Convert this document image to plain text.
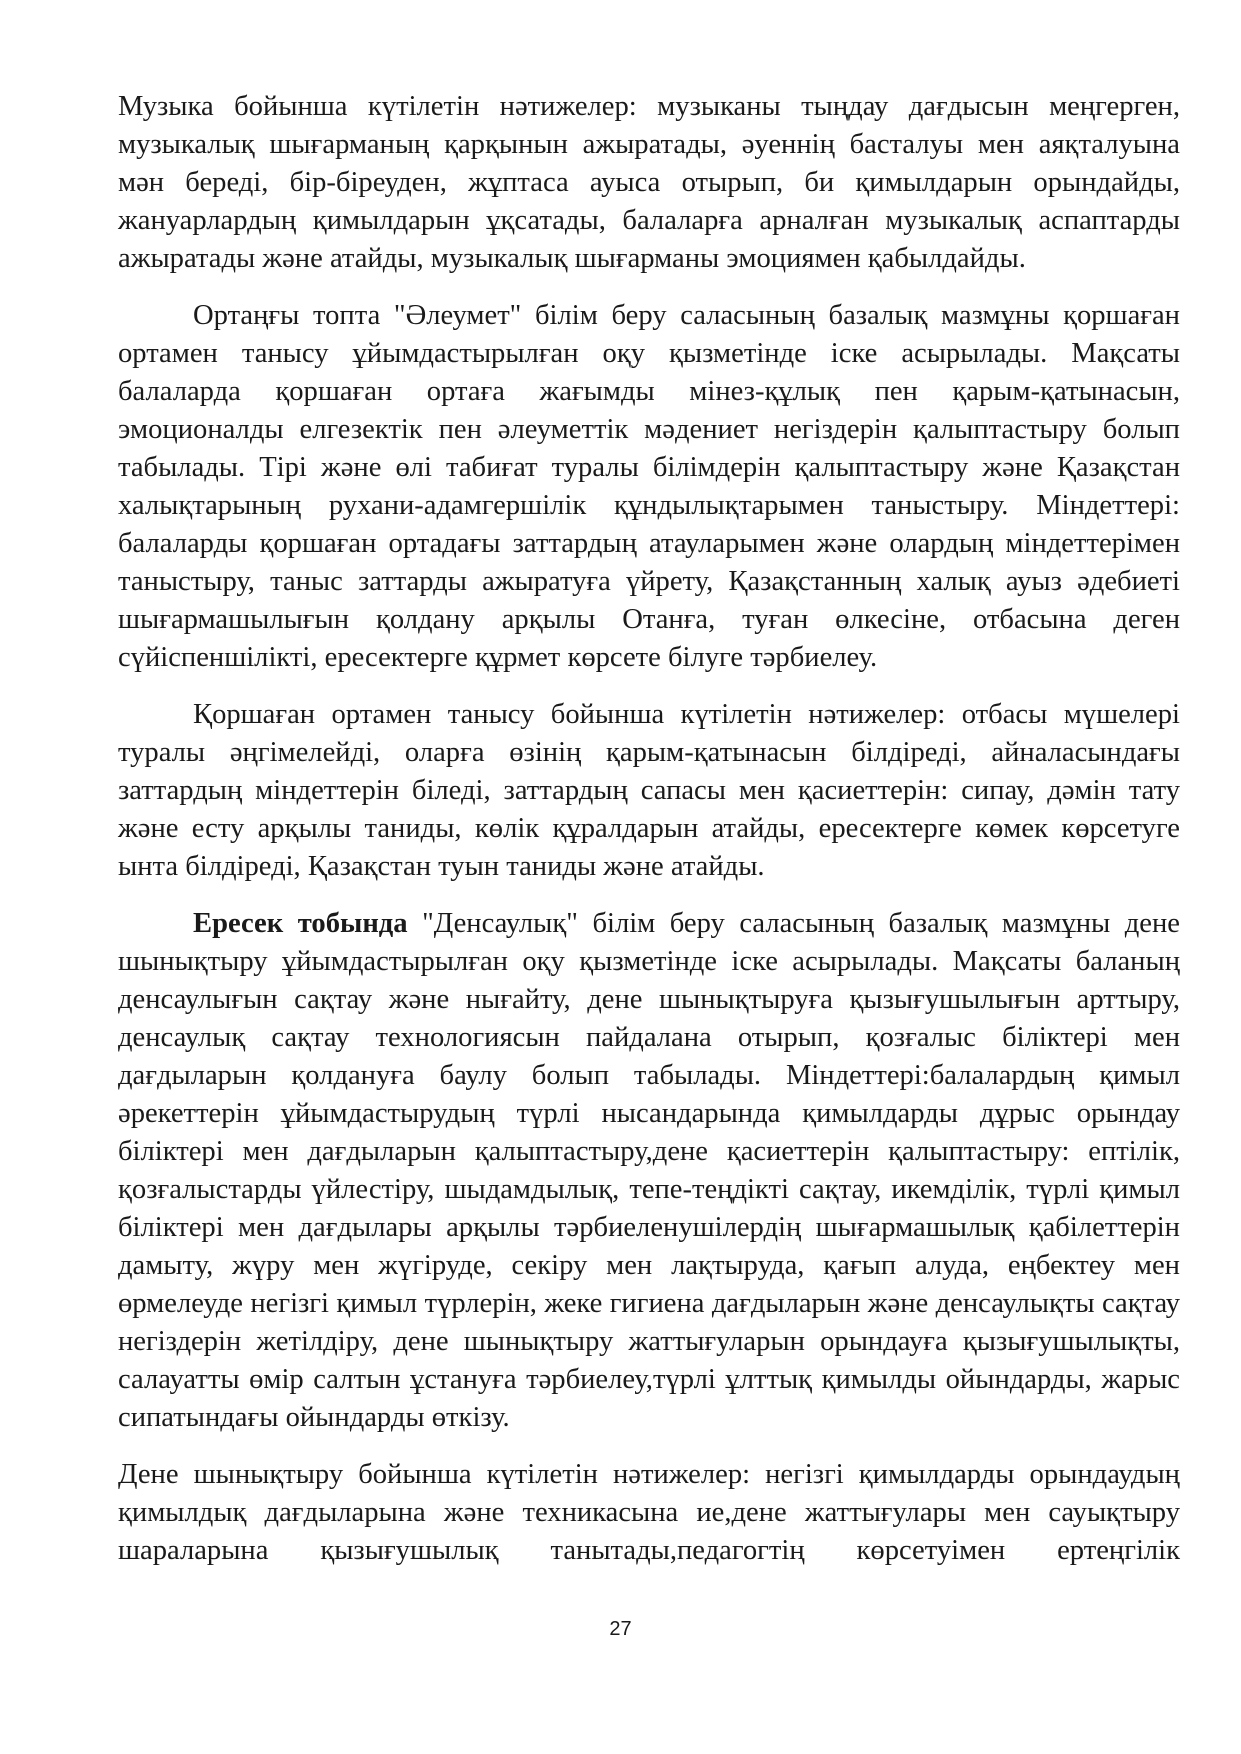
Музыка бойынша күтілетін нәтижелер: музыканы тыңдау дағдысын меңгерген, музыкалық шығарманың қарқынын ажыратады, әуеннің басталуы мен аяқталуына мән береді, бір-біреуден, жұптаса ауыса отырып, би қимылдарын орындайды, жануарлардың қимылдарын ұқсатады, балаларға арналған музыкалық аспаптарды ажыратады және атайды, музыкалық шығарманы эмоциямен қабылдайды.

Ортаңғы топта "Әлеумет" білім беру саласының базалық мазмұны қоршаған ортамен танысу ұйымдастырылған оқу қызметінде іске асырылады. Мақсаты балаларда қоршаған ортаға жағымды мінез-құлық пен қарым-қатынасын, эмоционалды елгезектік пен әлеуметтік мәдениет негіздерін қалыптастыру болып табылады. Тірі және өлі табиғат туралы білімдерін қалыптастыру және Қазақстан халықтарының рухани-адамгершілік құндылықтарымен таныстыру. Міндеттері: балаларды қоршаған ортадағы заттардың атауларымен және олардың міндеттерімен таныстыру, таныс заттарды ажыратуға үйрету, Қазақстанның халық ауыз әдебиеті шығармашылығын қолдану арқылы Отанға, туған өлкесіне, отбасына деген сүйіспеншілікті, ересектерге құрмет көрсете білуге тәрбиелеу.

Қоршаған ортамен танысу бойынша күтілетін нәтижелер: отбасы мүшелері туралы әңгімелейді, оларға өзінің қарым-қатынасын білдіреді, айналасындағы заттардың міндеттерін біледі, заттардың сапасы мен қасиеттерін: сипау, дәмін тату және есту арқылы таниды, көлік құралдарын атайды, ересектерге көмек көрсетуге ынта білдіреді, Қазақстан туын таниды және атайды.

Ересек тобында "Денсаулық" білім беру саласының базалық мазмұны дене шынықтыру ұйымдастырылған оқу қызметінде іске асырылады. Мақсаты баланың денсаулығын сақтау және нығайту, дене шынықтыруға қызығушылығын арттыру, денсаулық сақтау технологиясын пайдалана отырып, қозғалыс біліктері мен дағдыларын қолдануға баулу болып табылады. Міндеттері:балалардың қимыл әрекеттерін ұйымдастырудың түрлі нысандарында қимылдарды дұрыс орындау біліктері мен дағдыларын қалыптастыру,дене қасиеттерін қалыптастыру: ептілік, қозғалыстарды үйлестіру, шыдамдылық, тепе-теңдікті сақтау, икемділік, түрлі қимыл біліктері мен дағдылары арқылы тәрбиеленушілердің шығармашылық қабілеттерін дамыту, жүру мен жүгіруде, секіру мен лақтыруда, қағып алуда, еңбектеу мен өрмелеуде негізгі қимыл түрлерін, жеке гигиена дағдыларын және денсаулықты сақтау негіздерін жетілдіру, дене шынықтыру жаттығуларын орындауға қызығушылықты, салауатты өмір салтын ұстануға тәрбиелеу,түрлі ұлттық қимылды ойындарды, жарыс сипатындағы ойындарды өткізу.

Дене шынықтыру бойынша күтілетін нәтижелер: негізгі қимылдарды орындаудың қимылдық дағдыларына және техникасына ие,дене жаттығулары мен сауықтыру шараларына қызығушылық танытады,педагогтің көрсетуімен ертеңгілік

27
